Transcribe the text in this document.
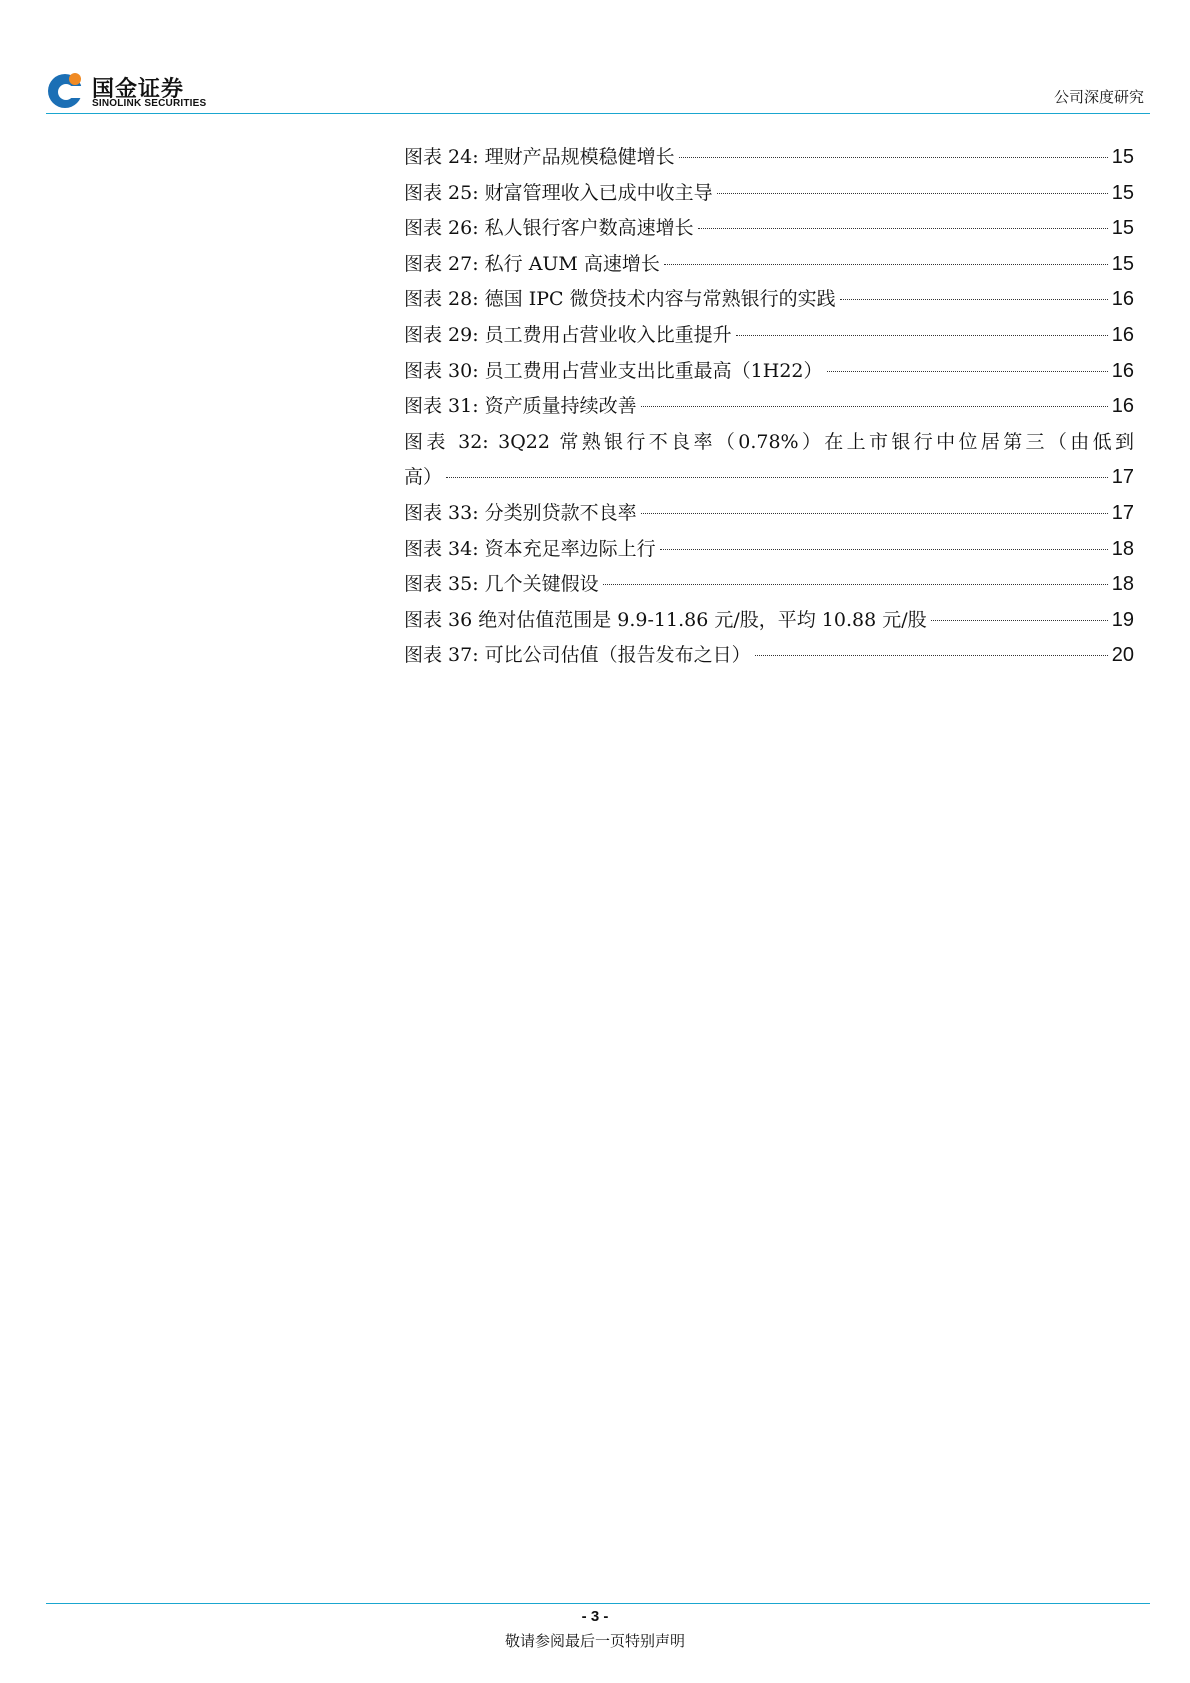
国金证券
SINOLINK SECURITIES	公司深度研究
图表 24: 理财产品规模稳健增长	15
图表 25: 财富管理收入已成中收主导	15
图表 26: 私人银行客户数高速增长	15
图表 27: 私行 AUM 高速增长	15
图表 28: 德国 IPC 微贷技术内容与常熟银行的实践	16
图表 29: 员工费用占营业收入比重提升	16
图表 30: 员工费用占营业支出比重最高（1H22）	16
图表 31: 资产质量持续改善	16
图表 32: 3Q22 常熟银行不良率（0.78%）在上市银行中位居第三（由低到
高）	17
图表 33: 分类别贷款不良率	17
图表 34: 资本充足率边际上行	18
图表 35: 几个关键假设	18
图表 36 绝对估值范围是 9.9-11.86 元/股，平均 10.88 元/股	19
图表 37: 可比公司估值（报告发布之日）	20
- 3 -
敬请参阅最后一页特别声明
